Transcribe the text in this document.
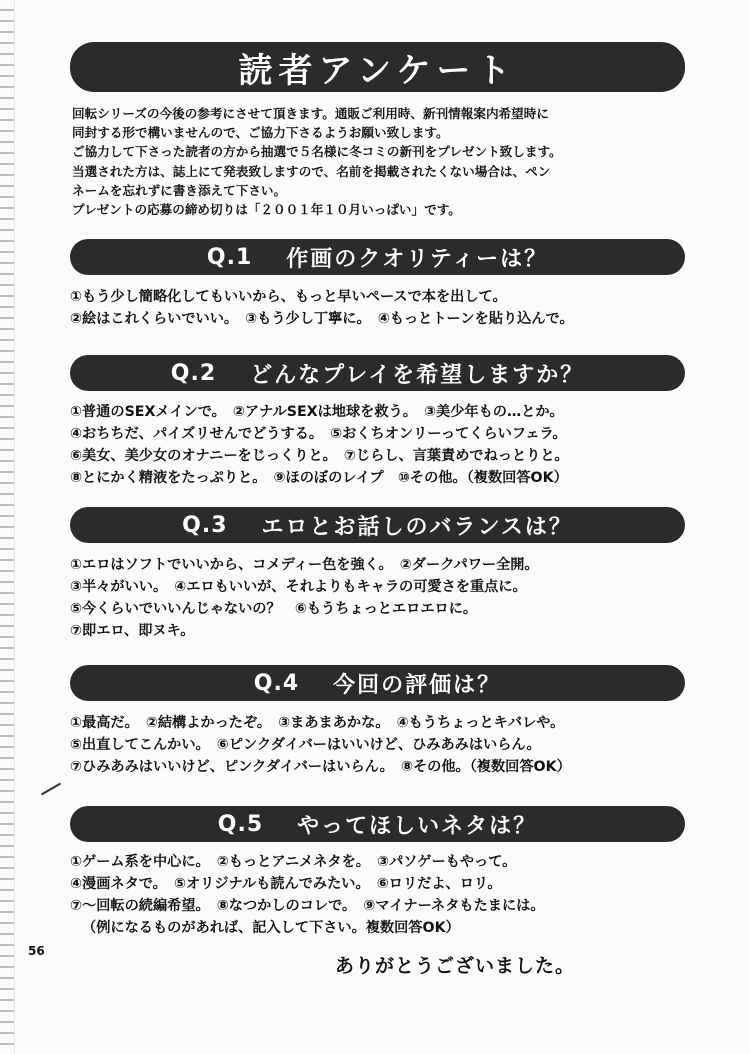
読者アンケート
回転シリーズの今後の参考にさせて頂きます。通販ご利用時、新刊情報案内希望時に
同封する形で構いませんので、ご協力下さるようお願い致します。
ご協力して下さった読者の方から抽選で５名様に冬コミの新刊をプレゼント致します。
当選された方は、誌上にて発表致しますので、名前を掲載されたくない場合は、ペン
ネームを忘れずに書き添えて下さい。
プレゼントの応募の締め切りは「２００１年１０月いっぱい」です。
Q.1 作画のクオリティーは？
①もう少し簡略化してもいいから、もっと早いペースで本を出して。
②絵はこれくらいでいい。　③もう少し丁寧に。　④もっとトーンを貼り込んで。
Q.2 どんなプレイを希望しますか？
①普通のSEXメインで。　②アナルSEXは地球を救う。　③美少年もの…とか。
④おちちだ、パイズリせんでどうする。　⑤おくちオンリーってくらいフェラ。
⑥美女、美少女のオナニーをじっくりと。　⑦じらし、言葉責めでねっとりと。
⑧とにかく精液をたっぷりと。　⑨ほのぼのレイプ　⑩その他。（複数回答OK）
Q.3 エロとお話しのバランスは？
①エロはソフトでいいから、コメディー色を強く。　②ダークパワー全開。
③半々がいい。　④エロもいいが、それよりもキャラの可愛さを重点に。
⑤今くらいでいいんじゃないの？　⑥もうちょっとエロエロに。
⑦即エロ、即ヌキ。
Q.4 今回の評価は？
①最高だ。　②結構よかったぞ。　③まあまあかな。　④もうちょっとキバレや。
⑤出直してこんかい。　⑥ピンクダイバーはいいけど、ひみあみはいらん。
⑦ひみあみはいいけど、ピンクダイバーはいらん。　⑧その他。（複数回答OK）
Q.5 やってほしいネタは？
①ゲーム系を中心に。　②もっとアニメネタを。　③パソゲーもやって。
④漫画ネタで。　⑤オリジナルも読んでみたい。　⑥ロリだよ、ロリ。
⑦〜回転の続編希望。　⑧なつかしのコレで。　⑨マイナーネタもたまには。
（例になるものがあれば、記入して下さい。複数回答OK）
56
ありがとうございました。
